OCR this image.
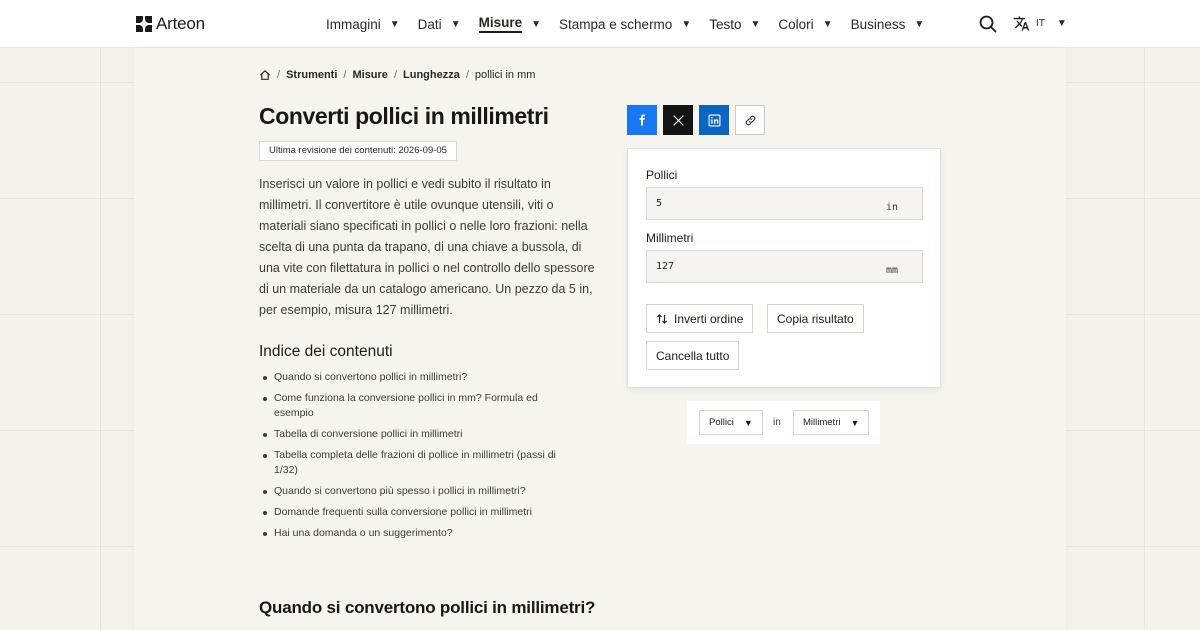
Arteon	Immagini ▼ Dati ▼ Misure ▼ Stampa e schermo ▼ Testo ▼ Colori ▼ Business ▼	IT ▼
/ Strumenti / Misure / Lunghezza / pollici in mm
Converti pollici in millimetri
Ultima revisione dei contenuti: 2026-09-05

Inserisci un valore in pollici e vedi subito il risultato in millimetri. Il convertitore è utile ovunque utensili, viti o materiali siano specificati in pollici o nelle loro frazioni: nella scelta di una punta da trapano, di una chiave a bussola, di una vite con filettatura in pollici o nel controllo dello spessore di un materiale da un catalogo americano. Un pezzo da 5 in, per esempio, misura 127 millimetri.

Indice dei contenuti
Quando si convertono pollici in millimetri?
Come funziona la conversione pollici in mm? Formula ed esempio
Tabella di conversione pollici in millimetri
Tabella completa delle frazioni di pollice in millimetri (passi di 1/32)
Quando si convertono più spesso i pollici in millimetri?
Domande frequenti sulla conversione pollici in millimetri
Hai una domanda o un suggerimento?
Quando si convertono pollici in millimetri?
Pollici
5
in
Millimetri
127
mm
Inverti ordine	Copia risultato
Cancella tutto
Pollici ▼ in Millimetri ▼
